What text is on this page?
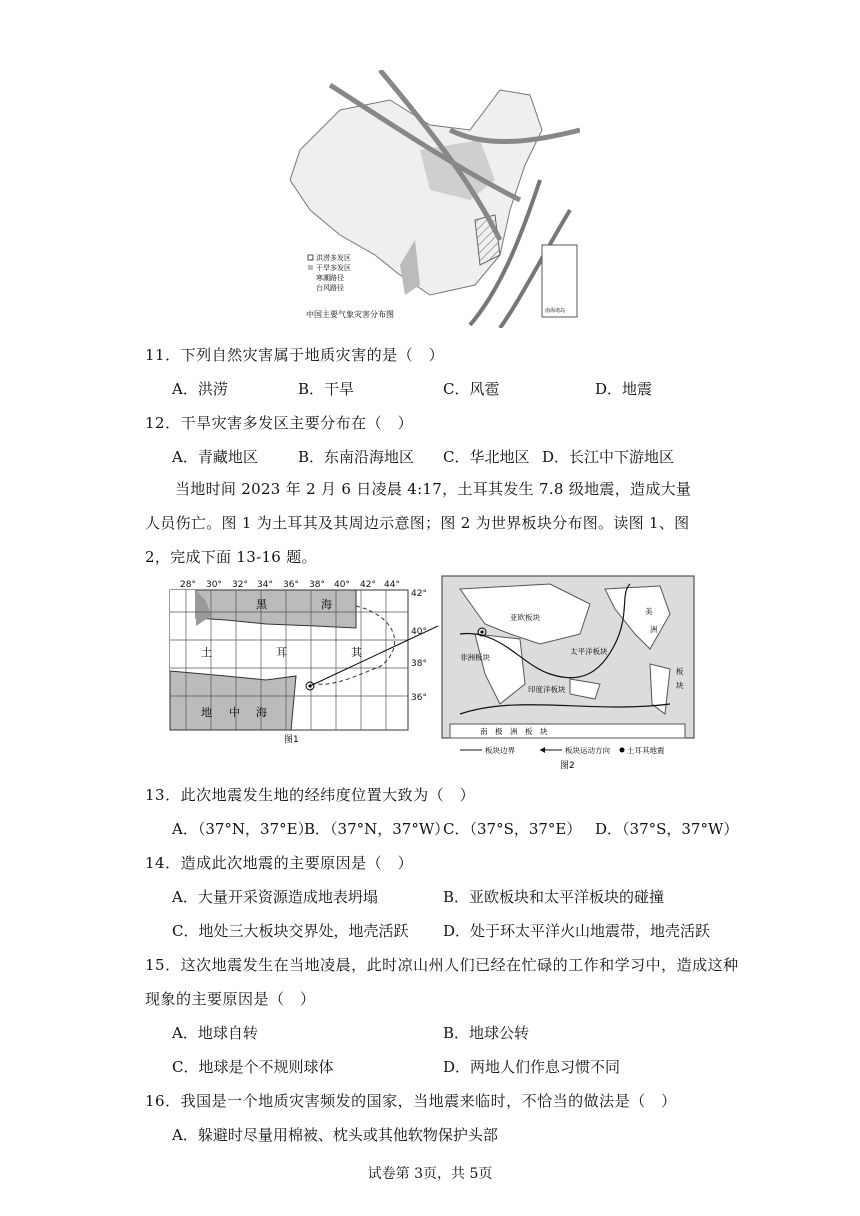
洪涝多发区
干旱多发区
寒潮路径
台风路径
南海诸岛
中国主要气象灾害分布图
11．下列自然灾害属于地质灾害的是（　）
A．洪涝	B．干旱	C．风雹	D．地震
12．干旱灾害多发区主要分布在（　）
A．青藏地区	B．东南沿海地区 C．华北地区 D．长江中下游地区
当地时间 2023 年 2 月 6 日凌晨 4:17，土耳其发生 7.8 级地震，造成大量人员伤亡。图 1 为土耳其及其周边示意图；图 2 为世界板块分布图。读图 1、图 2，完成下面 13-16 题。
28° 30° 32° 34° 36° 38° 40° 42° 44°
42°
40°
38°
36°
黑	海
土	耳	其
地 中 海
图1
亚欧板块
非洲板块
印度洋板块
太平洋板块
美
洲
板
块
南　极　洲　板　块
板块边界	板块运动方向 土耳其地震
图2
13．此次地震发生地的经纬度位置大致为（　）
A．（37°N，37°E）
B．（37°N，37°W）
C．（37°S，37°E） D．（37°S，37°W）
14．造成此次地震的主要原因是（　）
A．大量开采资源造成地表坍塌	B．亚欧板块和太平洋板块的碰撞
C．地处三大板块交界处，地壳活跃 D．处于环太平洋火山地震带，地壳活跃
15．这次地震发生在当地凌晨，此时凉山州人们已经在忙碌的工作和学习中，造成这种
现象的主要原因是（　）
A．地球自转	B．地球公转
C．地球是个不规则球体	D．两地人们作息习惯不同
16．我国是一个地质灾害频发的国家，当地震来临时，不恰当的做法是（　）
A．躲避时尽量用棉被、枕头或其他软物保护头部
试卷第 3页，共 5页
